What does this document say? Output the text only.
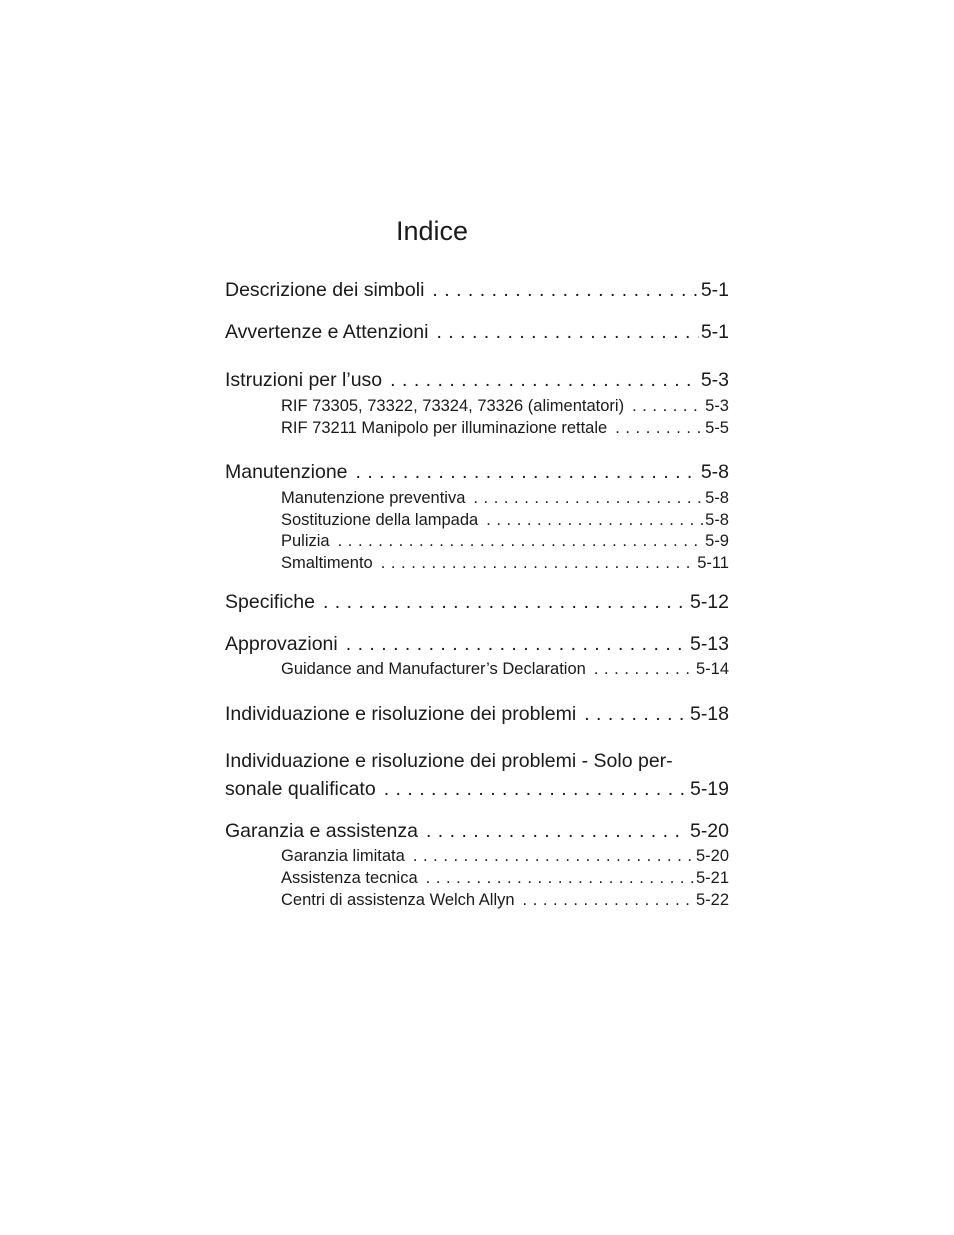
Indice
Descrizione dei simboli . . .	5-1
Avvertenze e Attenzioni . . .	5-1
Istruzioni per l’uso . . .	5-3
RIF 73305, 73322, 73324, 73326 (alimentatori) . . .	5-3
RIF 73211 Manipolo per illuminazione rettale . . .	5-5
Manutenzione . . .	5-8
Manutenzione preventiva . . .	5-8
Sostituzione della lampada . . .	5-8
Pulizia . . .	5-9
Smaltimento . . .	5-11
Specifiche . . .	5-12
Approvazioni . . .	5-13
Guidance and Manufacturer’s Declaration . . .	5-14
Individuazione e risoluzione dei problemi . . .	5-18
Individuazione e risoluzione dei problemi - Solo per-
sonale qualificato . . .	5-19
Garanzia e assistenza . . .	5-20
Garanzia limitata . . .	5-20
Assistenza tecnica . . .	5-21
Centri di assistenza Welch Allyn . . .	5-22
